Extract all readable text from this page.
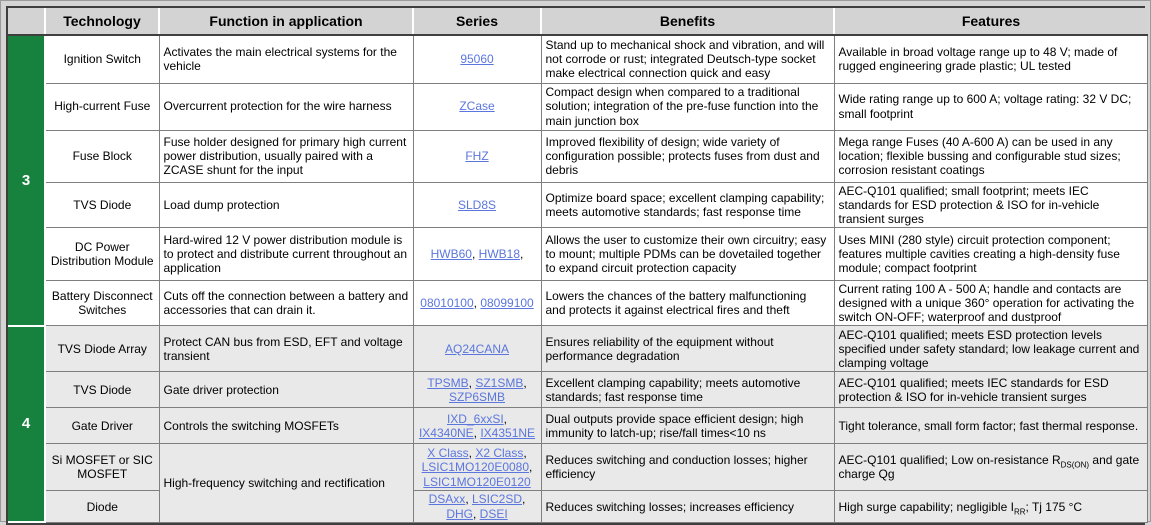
	Technology	Function in application	Series	Benefits	Features
3	Ignition Switch	Activates the main electrical systems for the vehicle	95060	Stand up to mechanical shock and vibration, and will not corrode or rust; integrated Deutsch-type socket make electrical connection quick and easy	Available in broad voltage range up to 48 V; made of rugged engineering grade plastic; UL tested
	High-current Fuse	Overcurrent protection for the wire harness	ZCase	Compact design when compared to a traditional solution; integration of the pre-fuse function into the main junction box	Wide rating range up to 600 A; voltage rating: 32 V DC; small footprint
	Fuse Block	Fuse holder designed for primary high current power distribution, usually paired with a ZCASE shunt for the input	FHZ	Improved flexibility of design; wide variety of configuration possible; protects fuses from dust and debris	Mega range Fuses (40 A-600 A) can be used in any location; flexible bussing and configurable stud sizes; corrosion resistant coatings
	TVS Diode	Load dump protection	SLD8S	Optimize board space; excellent clamping capability; meets automotive standards; fast response time	AEC-Q101 qualified; small footprint; meets IEC standards for ESD protection & ISO for in-vehicle transient surges
	DC Power Distribution Module	Hard-wired 12 V power distribution module is to protect and distribute current throughout an application	HWB60, HWB18,	Allows the user to customize their own circuitry; easy to mount; multiple PDMs can be dovetailed together to expand circuit protection capacity	Uses MINI (280 style) circuit protection component; features multiple cavities creating a high-density fuse module; compact footprint
	Battery Disconnect Switches	Cuts off the connection between a battery and accessories that can drain it.	08010100, 08099100	Lowers the chances of the battery malfunctioning and protects it against electrical fires and theft	Current rating 100 A - 500 A; handle and contacts are designed with a unique 360° operation for activating the switch ON-OFF; waterproof and dustproof
4	TVS Diode Array	Protect CAN bus from ESD, EFT and voltage transient	AQ24CANA	Ensures reliability of the equipment without performance degradation	AEC-Q101 qualified; meets ESD protection levels specified under safety standard; low leakage current and clamping voltage
	TVS Diode	Gate driver protection	TPSMB, SZ1SMB, SZP6SMB	Excellent clamping capability; meets automotive standards; fast response time	AEC-Q101 qualified; meets IEC standards for ESD protection & ISO for in-vehicle transient surges
	Gate Driver	Controls the switching MOSFETs	IXD_6xxSI, IX4340NE, IX4351NE	Dual outputs provide space efficient design; high immunity to latch-up; rise/fall times<10 ns	Tight tolerance, small form factor; fast thermal response.
	Si MOSFET or SIC MOSFET	High-frequency switching and rectification	X Class, X2 Class, LSIC1MO120E0080, LSIC1MO120E0120	Reduces switching and conduction losses; higher efficiency	AEC-Q101 qualified; Low on-resistance $R_{DS(ON)}$ and gate charge Qg
	Diode		DSAxx, LSIC2SD, DHG, DSEI	Reduces switching losses; increases efficiency	High surge capability; negligible $I_{RR}$; Tj 175 °C
